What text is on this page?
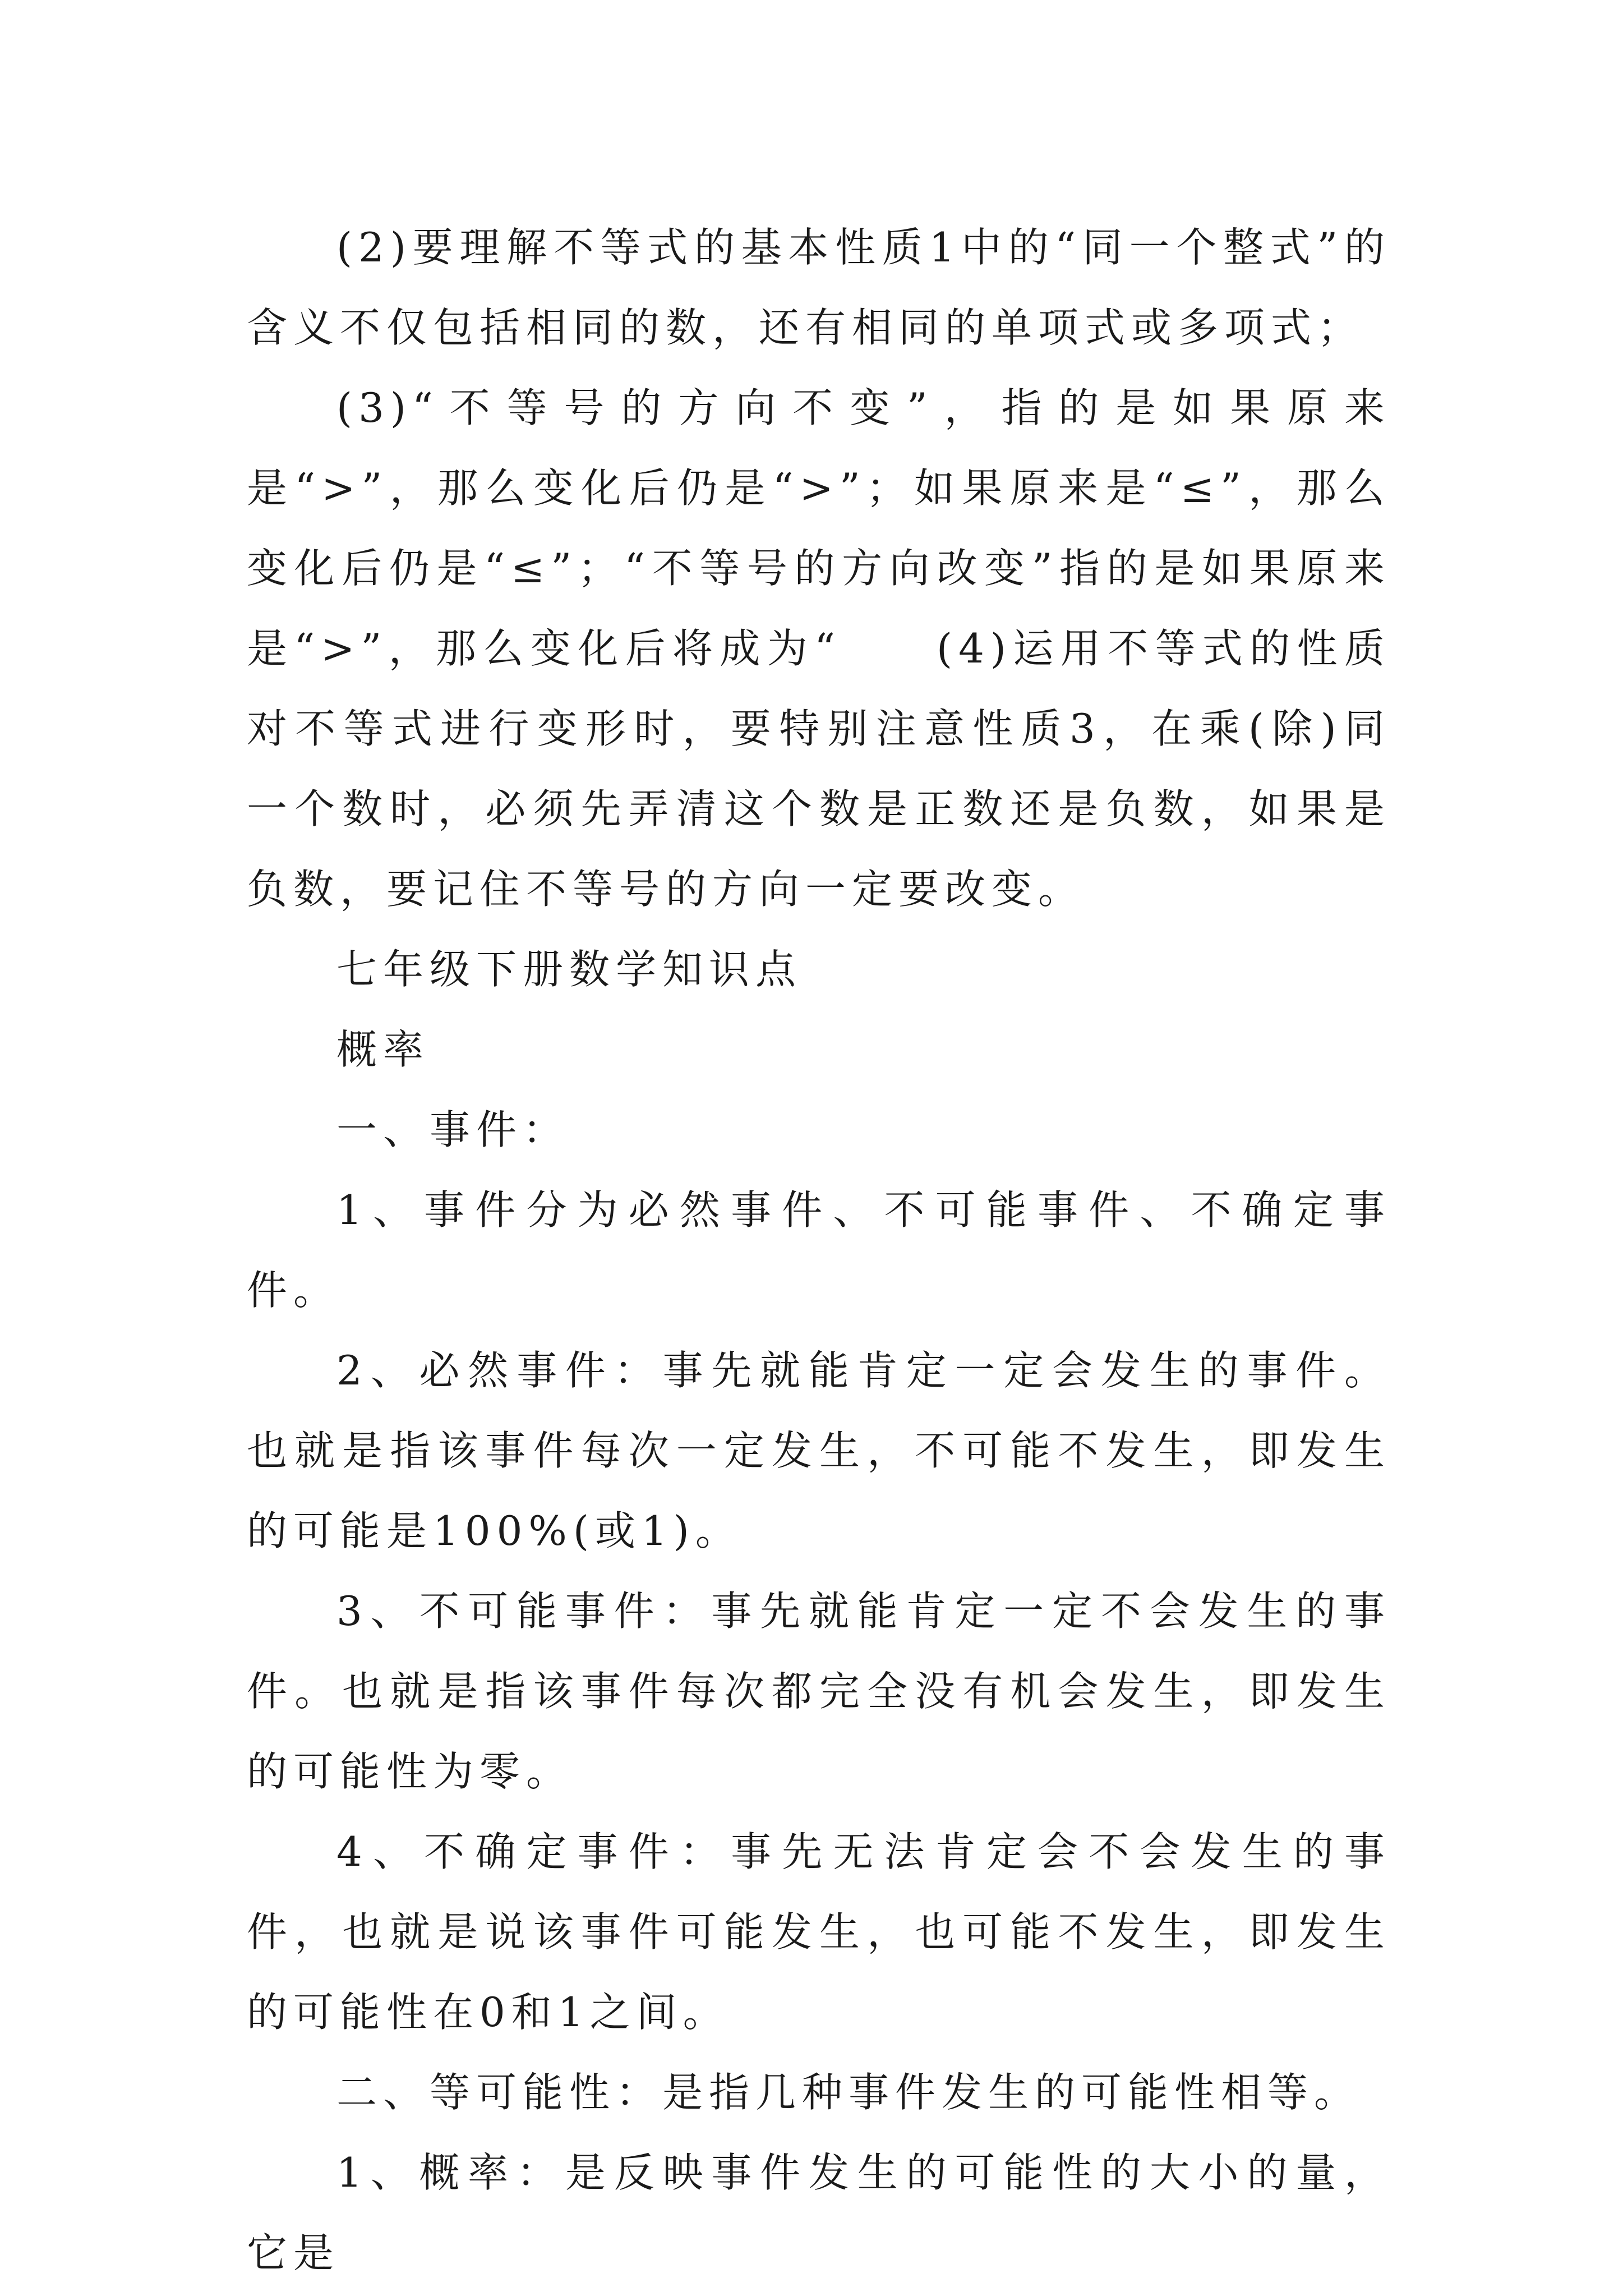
(2)要理解不等式的基本性质1中的“同一个整式”的含义不仅包括相同的数，还有相同的单项式或多项式；

(3)“不等号的方向不变”，指的是如果原来是“>”，那么变化后仍是“>”；如果原来是“≤”，那么变化后仍是“≤”；“不等号的方向改变”指的是如果原来是“>”，那么变化后将成为“　　(4)运用不等式的性质对不等式进行变形时，要特别注意性质3，在乘(除)同一个数时，必须先弄清这个数是正数还是负数，如果是负数，要记住不等号的方向一定要改变。

七年级下册数学知识点

概率

一、事件：

1、事件分为必然事件、不可能事件、不确定事件。

2、必然事件：事先就能肯定一定会发生的事件。也就是指该事件每次一定发生，不可能不发生，即发生的可能是100%(或1)。

3、不可能事件：事先就能肯定一定不会发生的事件。也就是指该事件每次都完全没有机会发生，即发生的可能性为零。

4、不确定事件：事先无法肯定会不会发生的事件，也就是说该事件可能发生，也可能不发生，即发生的可能性在0和1之间。

二、等可能性：是指几种事件发生的可能性相等。

1、概率：是反映事件发生的可能性的大小的量，它是
